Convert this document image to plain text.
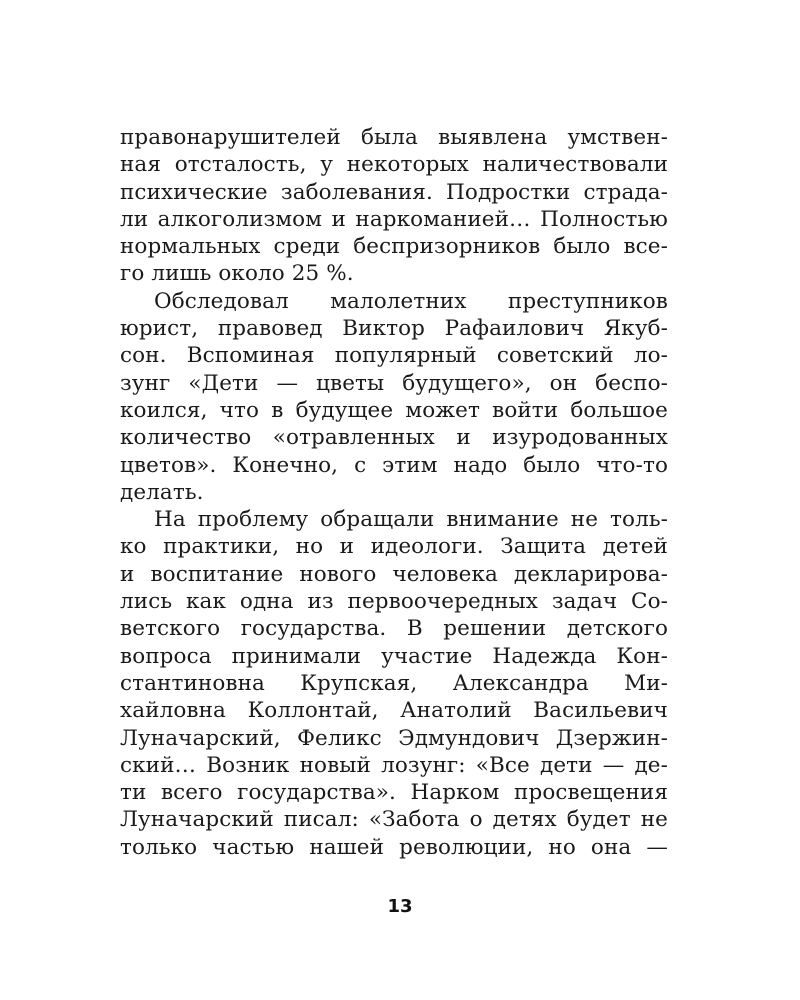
правонарушителей была выявлена умствен-
ная отсталость, у некоторых наличествовали
психические заболевания. Подростки страда-
ли алкоголизмом и наркоманией… Полностью
нормальных среди беспризорников было все-
го лишь около 25 %.
Обследовал малолетних преступников
юрист, правовед Виктор Рафаилович Якуб-
сон. Вспоминая популярный советский ло-
зунг «Дети — цветы будущего», он беспо-
коился, что в будущее может войти большое
количество «отравленных и изуродованных
цветов». Конечно, с этим надо было что-то
делать.
На проблему обращали внимание не толь-
ко практики, но и идеологи. Защита детей
и воспитание нового человека декларирова-
лись как одна из первоочередных задач Со-
ветского государства. В решении детского
вопроса принимали участие Надежда Кон-
стантиновна Крупская, Александра Ми-
хайловна Коллонтай, Анатолий Васильевич
Луначарский, Феликс Эдмундович Дзержин-
ский… Возник новый лозунг: «Все дети — де-
ти всего государства». Нарком просвещения
Луначарский писал: «Забота о детях будет не
только частью нашей революции, но она —
13
